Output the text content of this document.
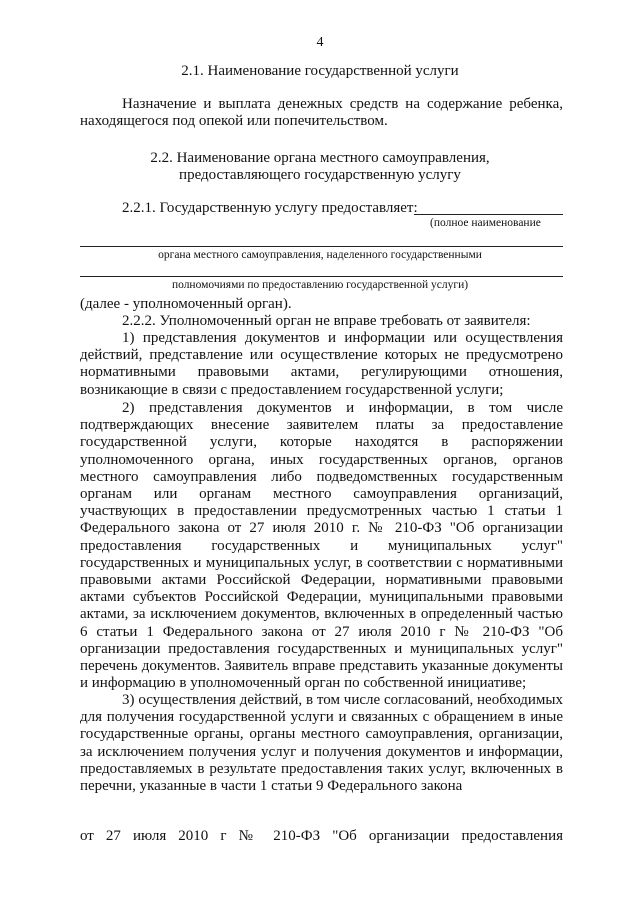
4
2.1. Наименование государственной услуги
Назначение и выплата денежных средств на содержание ребенка, находящегося под опекой или попечительством.
2.2. Наименование органа местного самоуправления,
предоставляющего государственную услугу
2.2.1. Государственную услугу предоставляет:
(полное наименование
органа местного самоуправления, наделенного государственными
полномочиями по предоставлению государственной услуги)
(далее - уполномоченный орган).
2.2.2. Уполномоченный орган не вправе требовать от заявителя:
1) представления документов и информации или осуществления действий, представление или осуществление которых не предусмотрено нормативными правовыми актами, регулирующими отношения, возникающие в связи с предоставлением государственной услуги;
2) представления документов и информации, в том числе подтверждающих внесение заявителем платы за предоставление государственной услуги, которые находятся в распоряжении уполномоченного органа, иных государственных органов, органов местного самоуправления либо подведомственных государственным органам или органам местного самоуправления организаций, участвующих в предоставлении предусмотренных частью 1 статьи 1 Федерального закона от 27 июля 2010 г. № 210-ФЗ "Об организации предоставления государственных и муниципальных услуг" государственных и муниципальных услуг, в соответствии с нормативными правовыми актами Российской Федерации, нормативными правовыми актами субъектов Российской Федерации, муниципальными правовыми актами, за исключением документов, включенных в определенный частью 6 статьи 1 Федерального закона от 27 июля 2010 г № 210-ФЗ "Об организации предоставления государственных и муниципальных услуг" перечень документов. Заявитель вправе представить указанные документы и информацию в уполномоченный орган по собственной инициативе;
3) осуществления действий, в том числе согласований, необходимых для получения государственной услуги и связанных с обращением в иные государственные органы, органы местного самоуправления, организации, за исключением получения услуг и получения документов и информации, предоставляемых в результате предоставления таких услуг, включенных в перечни, указанные в части 1 статьи 9 Федерального закона
от 27 июля 2010 г № 210-ФЗ "Об организации предоставления
